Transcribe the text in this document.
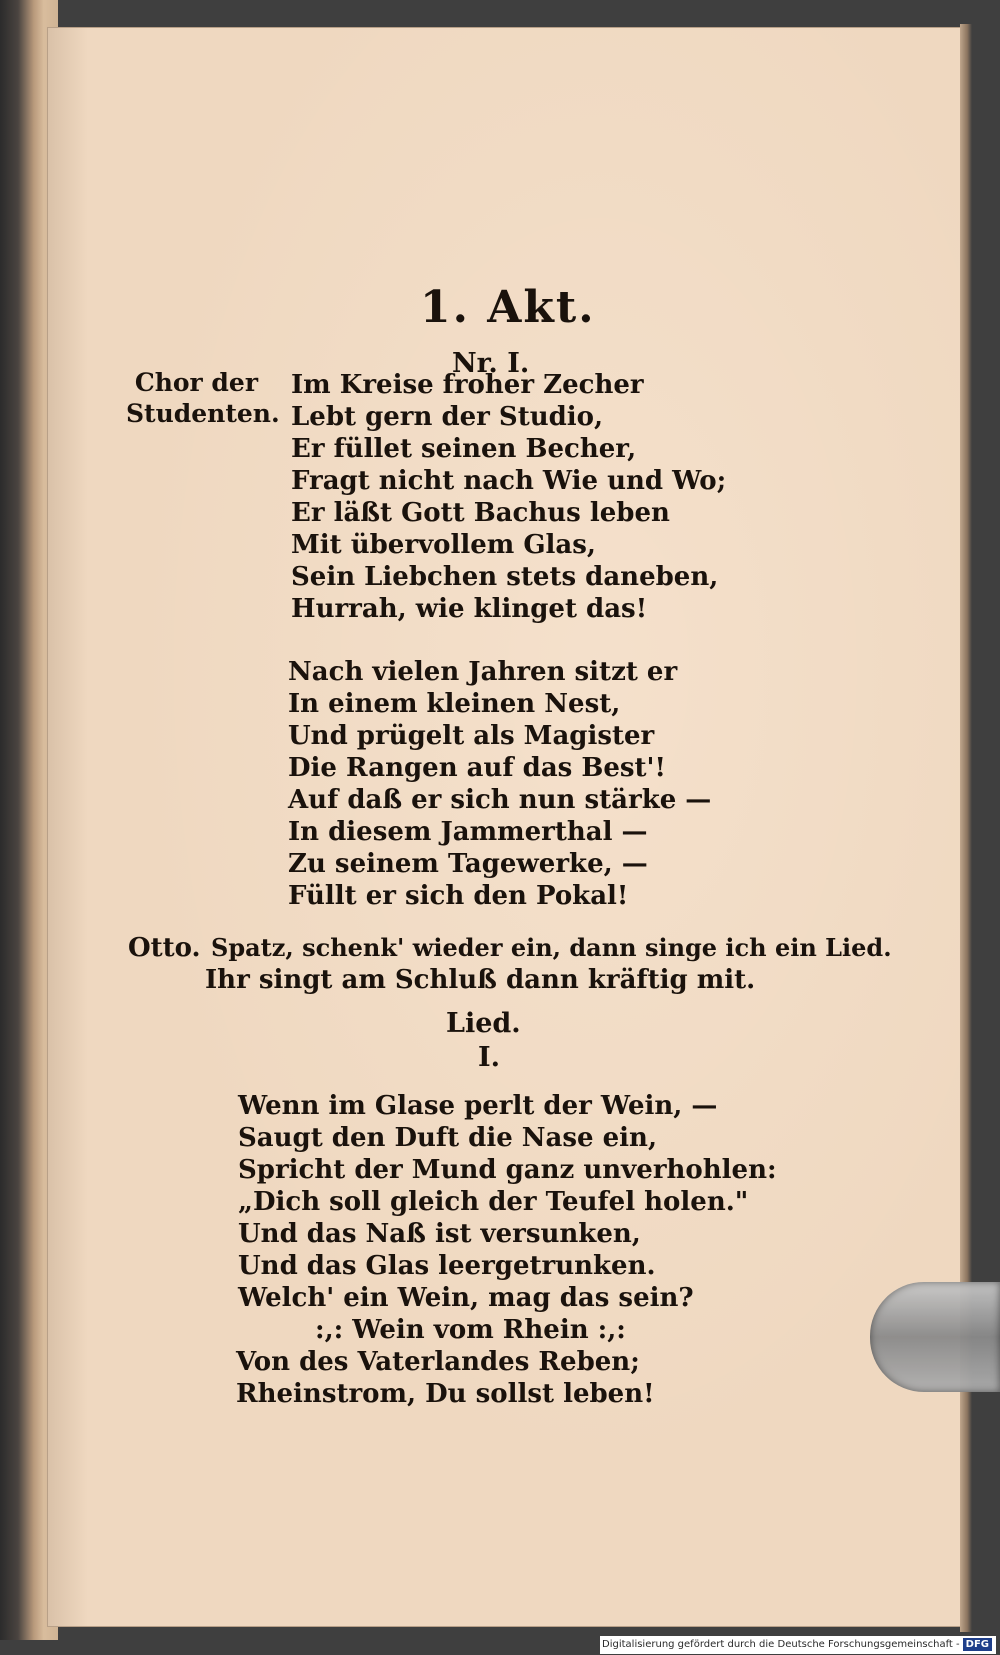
1. Akt.
Nr. I.
Chor der
Studenten.
Im Kreise froher Zecher
Lebt gern der Studio,
Er füllet seinen Becher,
Fragt nicht nach Wie und Wo;
Er läßt Gott Bachus leben
Mit übervollem Glas,
Sein Liebchen stets daneben,
Hurrah, wie klinget das!
Nach vielen Jahren sitzt er
In einem kleinen Nest,
Und prügelt als Magister
Die Rangen auf das Best'!
Auf daß er sich nun stärke —
In diesem Jammerthal —
Zu seinem Tagewerke, —
Füllt er sich den Pokal!
Otto. Spatz, schenk' wieder ein, dann singe ich ein Lied.
Ihr singt am Schluß dann kräftig mit.
Lied.
I.
Wenn im Glase perlt der Wein, —
Saugt den Duft die Nase ein,
Spricht der Mund ganz unverhohlen:
„Dich soll gleich der Teufel holen."
Und das Naß ist versunken,
Und das Glas leergetrunken.
Welch' ein Wein, mag das sein?
:,: Wein vom Rhein :,:
Von des Vaterlandes Reben;
Rheinstrom, Du sollst leben!
Digitalisierung gefördert durch die Deutsche Forschungsgemeinschaft - DFG
